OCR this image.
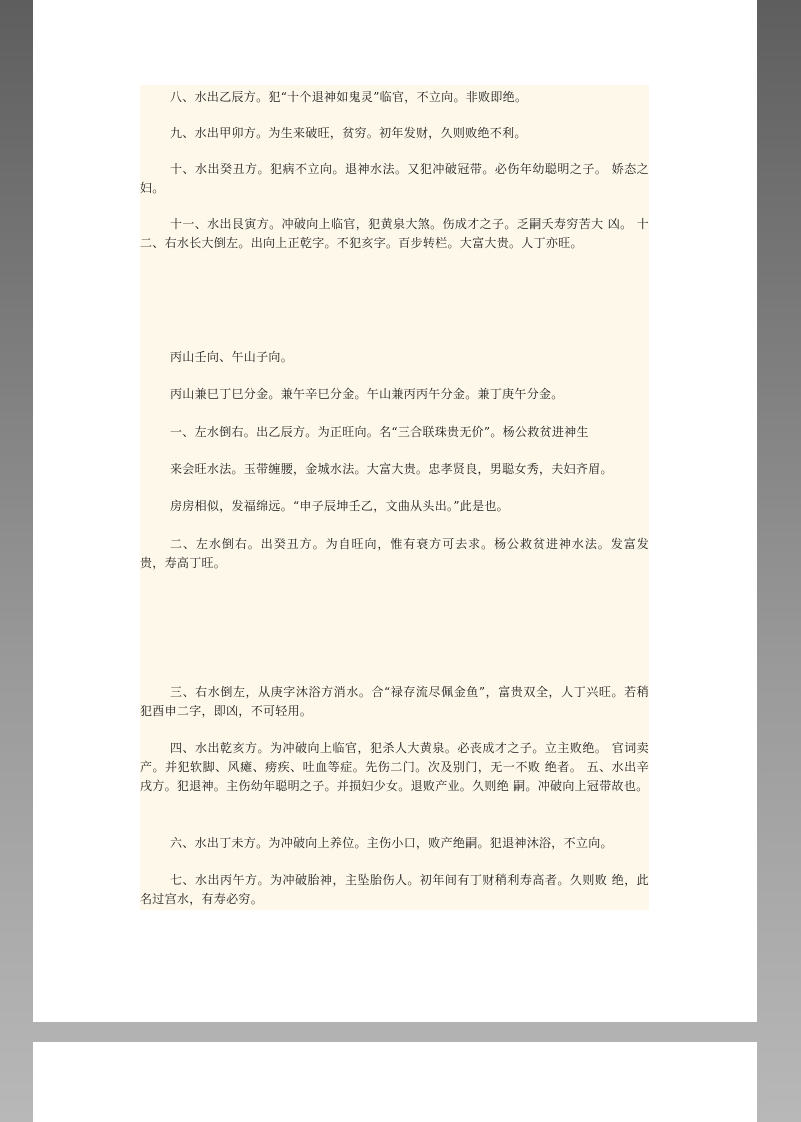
八、水出乙辰方。犯“十个退神如鬼灵”临官，不立向。非败即绝。

九、水出甲卯方。为生来破旺，贫穷。初年发财，久则败绝不利。

十、水出癸丑方。犯病不立向。退神水法。又犯冲破冠带。必伤年幼聪明之子。 娇态之妇。

十一、水出艮寅方。冲破向上临官，犯黄泉大煞。伤成才之子。乏嗣夭寿穷苦大 凶。 十二、右水长大倒左。出向上正乾字。不犯亥字。百步转栏。大富大贵。人丁亦旺。

丙山壬向、午山子向。

丙山兼巳丁巳分金。兼午辛巳分金。午山兼丙丙午分金。兼丁庚午分金。

一、左水倒右。出乙辰方。为正旺向。名“三合联珠贵无价”。杨公救贫进神生

来会旺水法。玉带缠腰，金城水法。大富大贵。忠孝贤良，男聪女秀，夫妇齐眉。

房房相似，发福绵远。“申子辰坤壬乙，文曲从头出。”此是也。

二、左水倒右。出癸丑方。为自旺向，惟有衰方可去求。杨公救贫进神水法。发富发贵，寿高丁旺。

三、右水倒左，从庚字沐浴方消水。合“禄存流尽佩金鱼”，富贵双全，人丁兴旺。若稍犯酉申二字，即凶，不可轻用。

四、水出乾亥方。为冲破向上临官，犯杀人大黄泉。必丧成才之子。立主败绝。 官词卖产。并犯软脚、风瘫、痨疾、吐血等症。先伤二门。次及别门，无一不败 绝者。 五、水出辛戌方。犯退神。主伤幼年聪明之子。并损妇少女。退败产业。久则绝 嗣。冲破向上冠带故也。

六、水出丁未方。为冲破向上养位。主伤小口，败产绝嗣。犯退神沐浴，不立向。

七、水出丙午方。为冲破胎神，主坠胎伤人。初年间有丁财稍利寿高者。久则败 绝，此名过宫水，有寿必穷。
